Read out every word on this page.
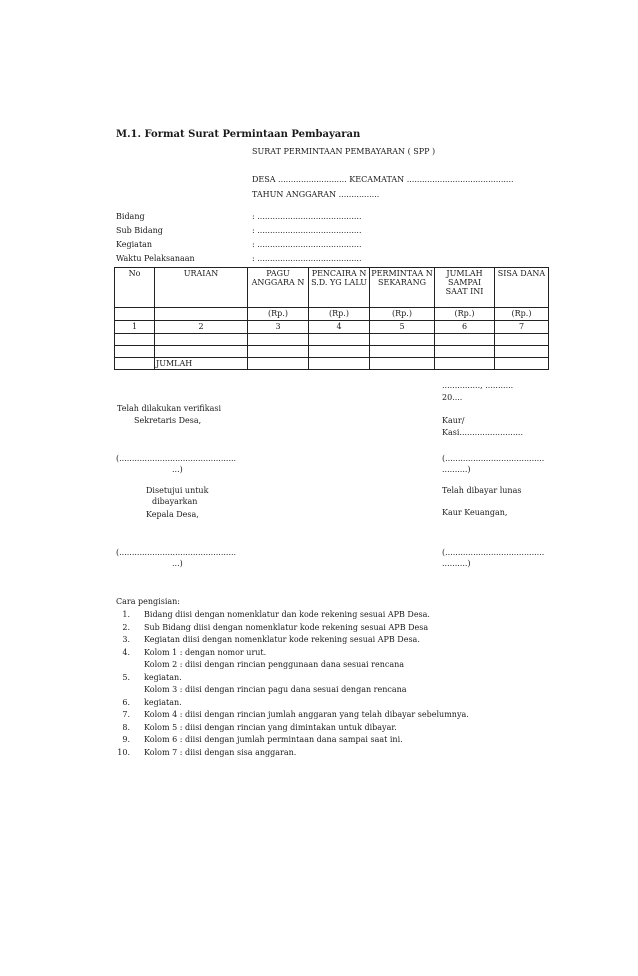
M.1. Format Surat Permintaan Pembayaran
SURAT PERMINTAAN PEMBAYARAN ( SPP )
DESA ........................... KECAMATAN ..........................................
TAHUN ANGGARAN ................
Bidang	: .........................................
Sub Bidang	: .........................................
Kegiatan	: .........................................
Waktu Pelaksanaan	: .........................................
No	URAIAN	PAGU ANGGARA N	PENCAIRA N S.D. YG LALU	PERMINTAA N SEKARANG	JUMLAH SAMPAI SAAT INI	SISA DANA
		(Rp.)	(Rp.)	(Rp.)	(Rp.)	(Rp.)
1	2	3	4	5	6	7

	JUMLAH					
..............., ...........
20....
Telah dilakukan verifikasi
Sekretaris Desa,	Kaur/
Kasi.........................
(..............................................
...)
(.......................................
..........)
Disetujui untuk
dibayarkan
Kepala Desa,
Telah dibayar lunas
Kaur Keuangan,
(..............................................
...)
(.......................................
..........)
Cara pengisian:
1. Bidang diisi dengan nomenklatur dan kode rekening sesuai APB Desa.
2. Sub Bidang diisi dengan nomenklatur kode rekening sesuai APB Desa
3. Kegiatan diisi dengan nomenklatur kode rekening sesuai APB Desa.
4. Kolom 1 : dengan nomor urut.
Kolom 2 : diisi dengan rincian penggunaan dana sesuai rencana
5. kegiatan.
Kolom 3 : diisi dengan rincian pagu dana sesuai dengan rencana
6. kegiatan.
7. Kolom 4 : diisi dengan rincian jumlah anggaran yang telah dibayar sebelumnya.
8. Kolom 5 : diisi dengan rincian yang dimintakan untuk dibayar.
9. Kolom 6 : diisi dengan jumlah permintaan dana sampai saat ini.
10. Kolom 7 : diisi dengan sisa anggaran.
